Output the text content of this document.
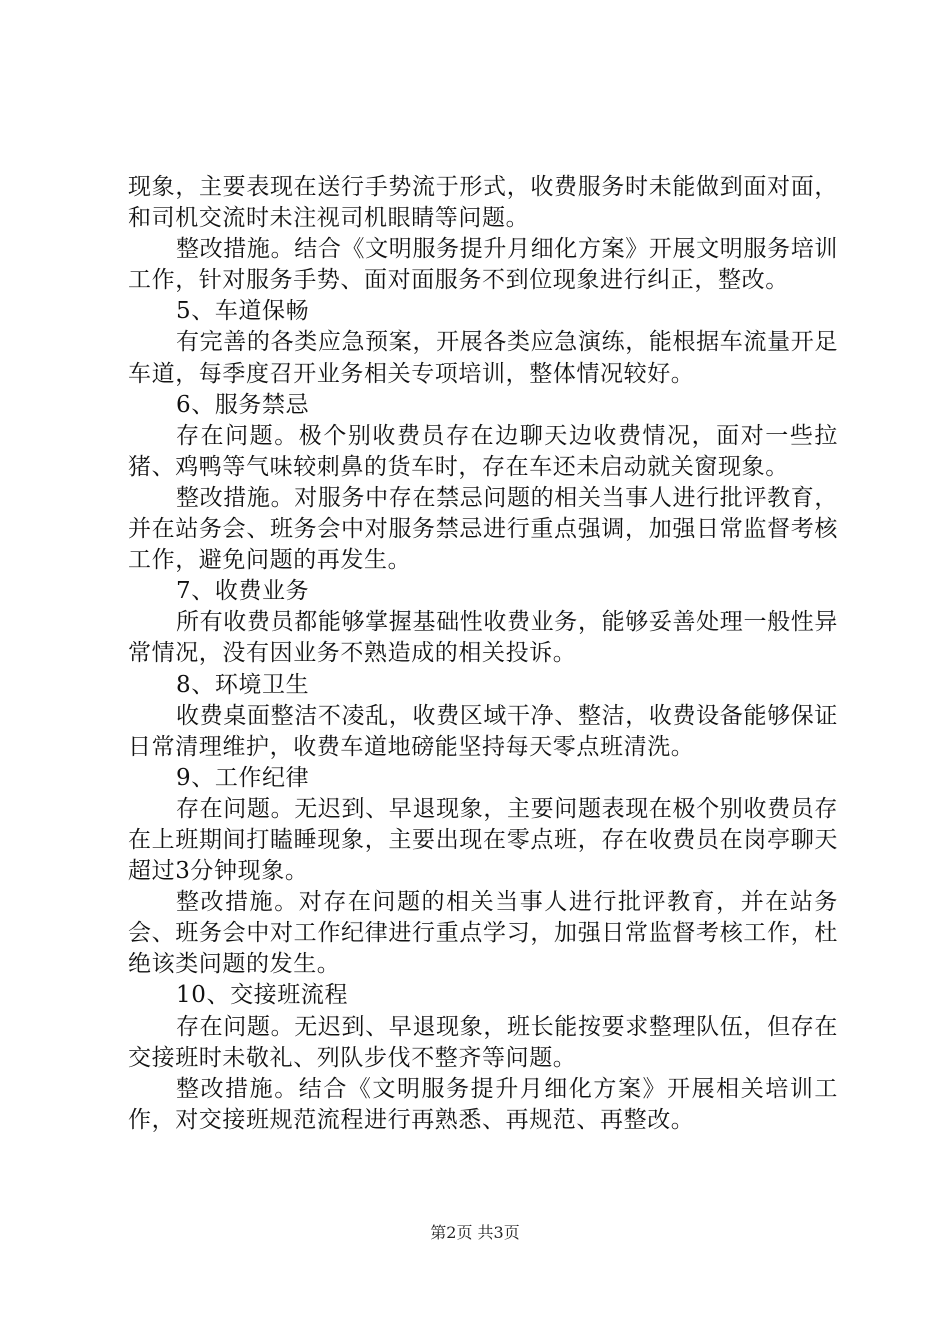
现象，主要表现在送行手势流于形式，收费服务时未能做到面对面，和司机交流时未注视司机眼睛等问题。

整改措施。结合《文明服务提升月细化方案》开展文明服务培训工作，针对服务手势、面对面服务不到位现象进行纠正，整改。

5、车道保畅

有完善的各类应急预案，开展各类应急演练，能根据车流量开足车道，每季度召开业务相关专项培训，整体情况较好。

6、服务禁忌

存在问题。极个别收费员存在边聊天边收费情况，面对一些拉猪、鸡鸭等气味较刺鼻的货车时，存在车还未启动就关窗现象。

整改措施。对服务中存在禁忌问题的相关当事人进行批评教育，并在站务会、班务会中对服务禁忌进行重点强调，加强日常监督考核工作，避免问题的再发生。

7、收费业务

所有收费员都能够掌握基础性收费业务，能够妥善处理一般性异常情况，没有因业务不熟造成的相关投诉。

8、环境卫生

收费桌面整洁不凌乱，收费区域干净、整洁，收费设备能够保证日常清理维护，收费车道地磅能坚持每天零点班清洗。

9、工作纪律

存在问题。无迟到、早退现象，主要问题表现在极个别收费员存在上班期间打瞌睡现象，主要出现在零点班，存在收费员在岗亭聊天超过3分钟现象。

整改措施。对存在问题的相关当事人进行批评教育，并在站务会、班务会中对工作纪律进行重点学习，加强日常监督考核工作，杜绝该类问题的发生。

10、交接班流程

存在问题。无迟到、早退现象，班长能按要求整理队伍，但存在交接班时未敬礼、列队步伐不整齐等问题。

整改措施。结合《文明服务提升月细化方案》开展相关培训工作，对交接班规范流程进行再熟悉、再规范、再整改。

第2页 共3页
